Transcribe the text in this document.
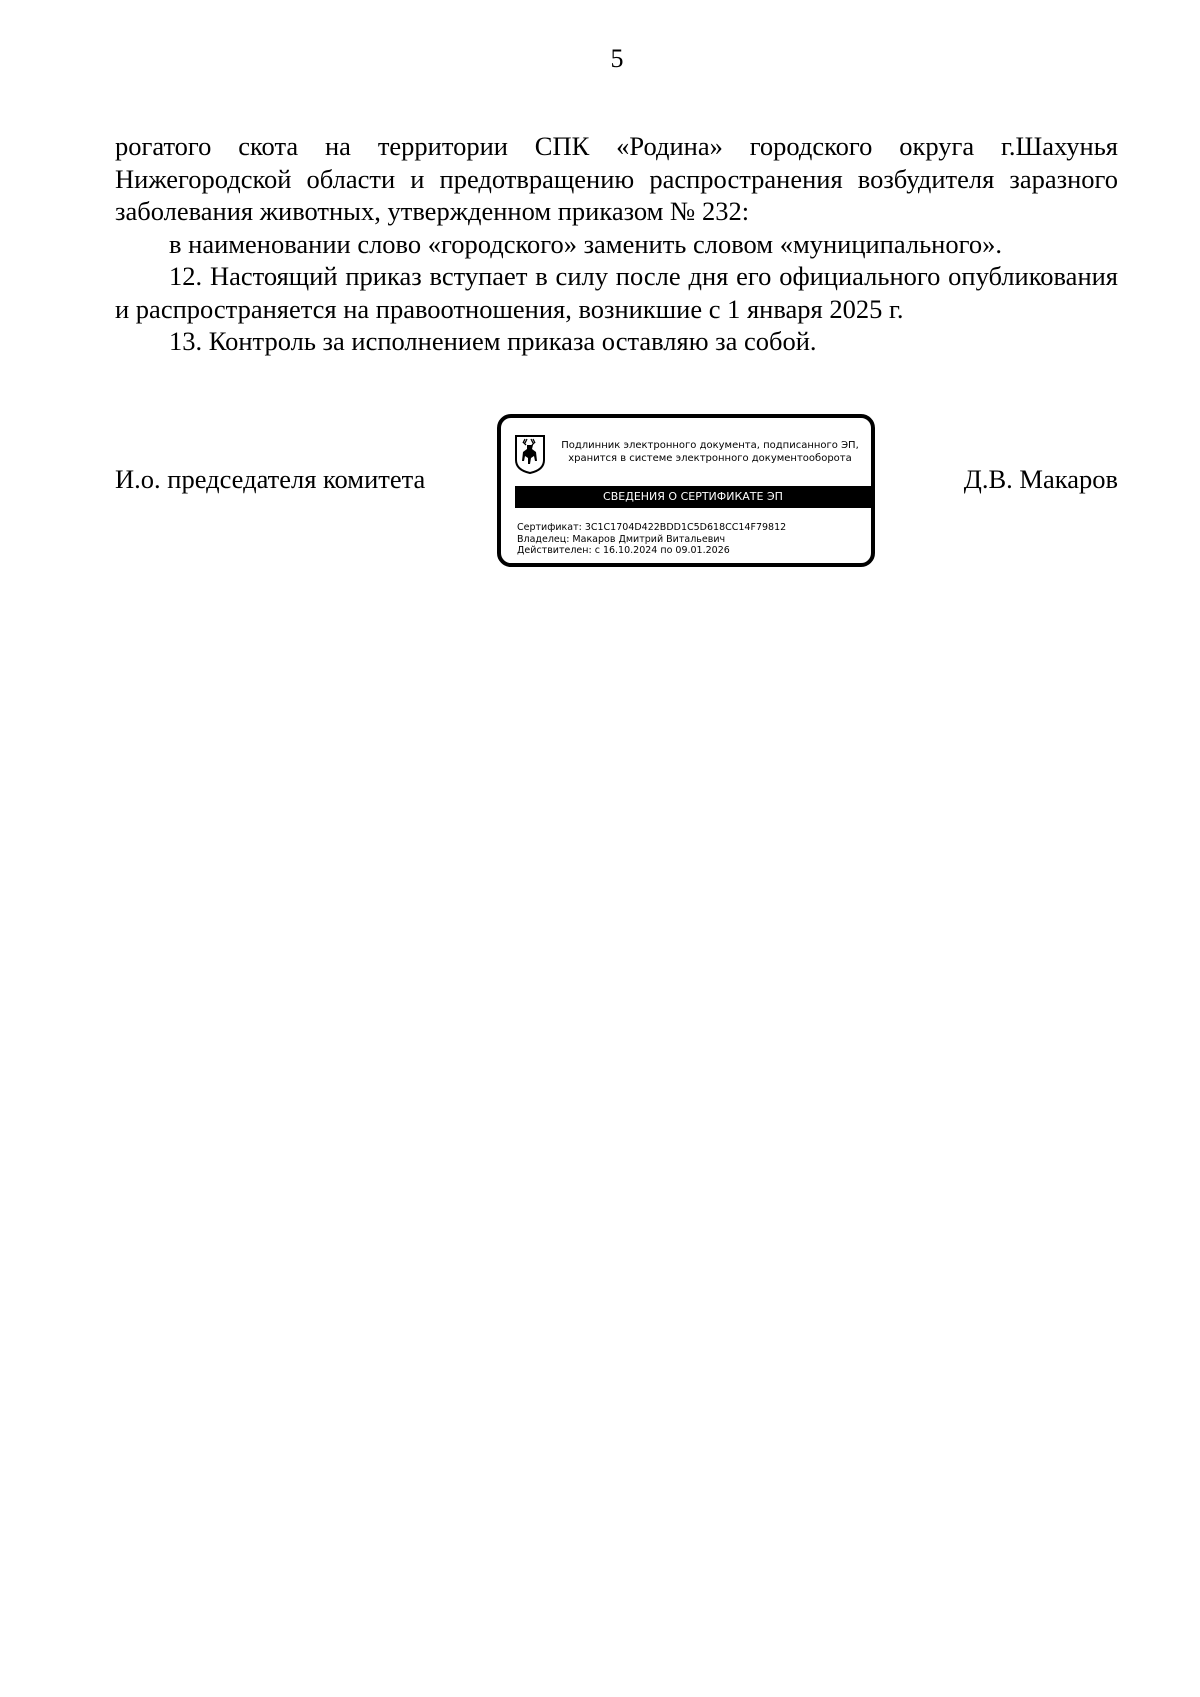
5

рогатого скота на территории СПК «Родина» городского округа г.Шахунья Нижегородской области и предотвращению распространения возбудителя заразного заболевания животных, утвержденном приказом № 232:

в наименовании слово «городского» заменить словом «муниципального».

12. Настоящий приказ вступает в силу после дня его официального опубликования и распространяется на правоотношения, возникшие с 1 января 2025 г.

13. Контроль за исполнением приказа оставляю за собой.

И.о. председателя комитета
Подлинник электронного документа, подписанного ЭП,
хранится в системе электронного документооборота
СВЕДЕНИЯ О СЕРТИФИКАТЕ ЭП
Сертификат: 3C1C1704D422BDD1C5D618CC14F79812
Владелец: Макаров Дмитрий Витальевич
Действителен: с 16.10.2024 по 09.01.2026
Д.В. Макаров
